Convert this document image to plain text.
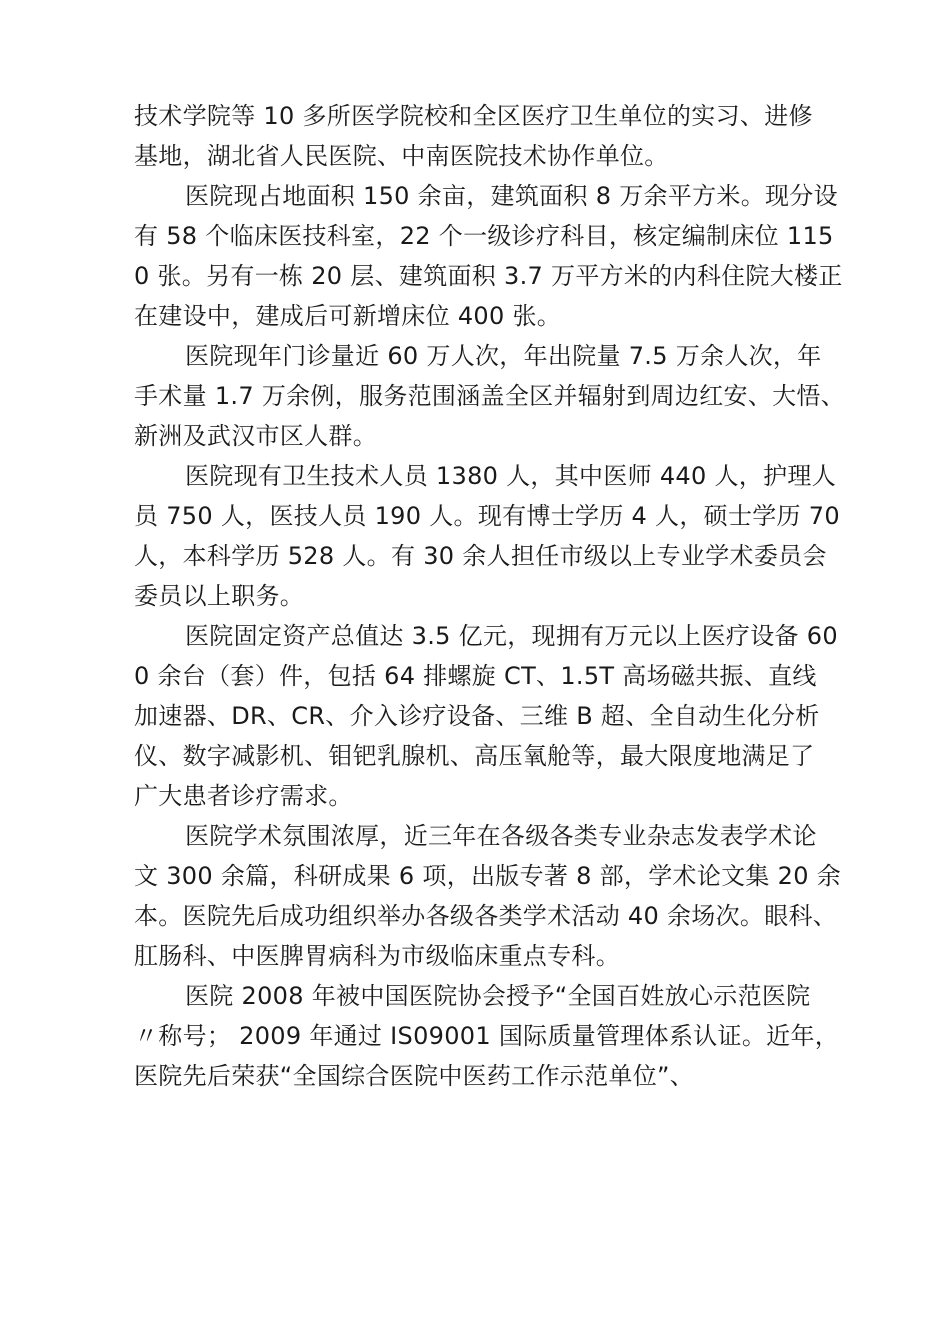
技术学院等 10 多所医学院校和全区医疗卫生单位的实习、进修
基地，湖北省人民医院、中南医院技术协作单位。
医院现占地面积 150 余亩，建筑面积 8 万余平方米。现分设
有 58 个临床医技科室，22 个一级诊疗科目，核定编制床位 115
0 张。另有一栋 20 层、建筑面积 3.7 万平方米的内科住院大楼正
在建设中，建成后可新增床位 400 张。
医院现年门诊量近 60 万人次，年出院量 7.5 万余人次，年
手术量 1.7 万余例，服务范围涵盖全区并辐射到周边红安、大悟、
新洲及武汉市区人群。
医院现有卫生技术人员 1380 人，其中医师 440 人，护理人
员 750 人，医技人员 190 人。现有博士学历 4 人，硕士学历 70
人，本科学历 528 人。有 30 余人担任市级以上专业学术委员会
委员以上职务。
医院固定资产总值达 3.5 亿元，现拥有万元以上医疗设备 60
0 余台（套）件，包括 64 排螺旋 CT、1.5T 高场磁共振、直线
加速器、DR、CR、介入诊疗设备、三维 B 超、全自动生化分析
仪、数字减影机、钼钯乳腺机、高压氧舱等，最大限度地满足了
广大患者诊疗需求。
医院学术氛围浓厚，近三年在各级各类专业杂志发表学术论
文 300 余篇，科研成果 6 项，出版专著 8 部，学术论文集 20 余
本。医院先后成功组织举办各级各类学术活动 40 余场次。眼科、
肛肠科、中医脾胃病科为市级临床重点专科。
医院 2008 年被中国医院协会授予“全国百姓放心示范医院
〃称号； 2009 年通过 IS09001 国际质量管理体系认证。近年，
医院先后荣获“全国综合医院中医药工作示范单位”、
